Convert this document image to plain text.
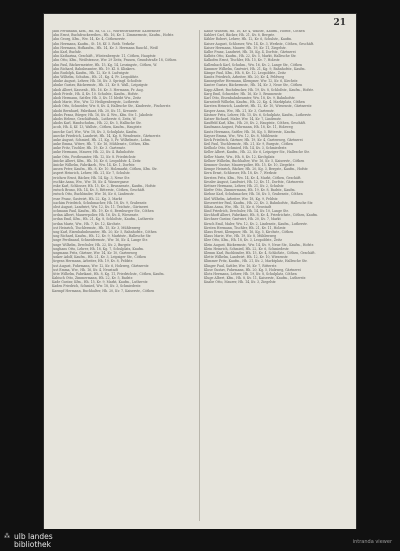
21

Jahn Ferdinand, Kfm., Hh. 8a, Gl. 11, Wurzelsträflerstr. Kaltwasser

Jahn Ernst, Buchdruckereibes., Hh. 16, Kv. 1. Zimmermstr., Kaufm., Hofstr.

Jahn Georg, Kfm., Ww. 14, Kv. 4, Cöthenerstr.

Jahn Hermann, Kaufm., St. 18, Kf. 5. Rotb. Verkehr

Jahn Hermann, Hofkaufm., Hh. 14, Kv. 3. Hermann Rauchl., Weiß

Jahn Karl, Buchdr.

Jahn Katharina, Geschäft., Wüstenbergstr. 11, Cöthen, Hauptstr.

Jahn Otto, Kfm., Weißstrasse, Ww. 29 Zeitz, Frauen, Grundstraße 18, Cöthen

Jahn Paul, Bäckermeister, Hh. 15, Kg. 14, Lessingstr., Cöthen, W.

Jahn Richard, Bahnbeamter, Hh. 19. Kl. 8. Klinkers.

Jahn Rudolph, Kaufm., Hh. 12, Kv. 8. Ludwigstr.

Jahn Wilhelm, Schuhm., Hh. 21, Kg. 4, Fr. Leopoldstr.

Jahnke August, Lehrer, Hh. 16, Kv. 3. Springf. Schoßstr.

Jahnke Gustav, Bäckermstr., Hh. 21, Kv. 8. Wall., Leipzigstr.

Jakob Albert, Kassenb., Hh. 16. Kv. 3. Hermann, Fr. Aug.

Jakob Friedr., Hh. 4, Kv. 10. Schulstr., Kaufm., Hofstr.

Jakob Hermann, Sattler, Hh. 3, Kv. 11 bleibt Ww., Zeitz

Jakob Marie, Ww., Ww. 12 Heiligenbergstr., Lutherstr.

Jakob Otto, Schneider, Ww. 8, Kv. 4, Hallesche Str., Kinderstr., Fischerstr.

Jakobi Bernhard, Fabrikant, Hh. 20, Kv. 11, Kreuzstr.

Jakobs Franz, Bürger, Hh. 16, Kv. 4. Ww., Kfm. Str. 1. Jakobstr.

Jakobs Helene, Geschäftsinh., Lutherstr. 6, Zeitz, W.

Jakobs Karl, Handschuhm., Hh. 22, Kv. 5, Hallische Str.

Jacob, Hh. 4, Kf. 13, Wallstr., Cöthen, Kaufm., Hauptstr.

Janecke Carl, Ww., Ww. 18, Kv. 3, Schulplatz, Kaufm.

Janecke Friedrich, Landwirt, Hh. 14, Kg. 8, Wendenstr., Gärtnerstr.

Janke August, Schmied, Hh. 21, Kg. 5, Fr. Wilhelmstr., Lohm.

Janke Emma, Witwe, Hh. 7, Kv. 16, Mühlenstr., Cöthen, Kfm.

Janke Fritz, Tischler, Hh. 19, Kv. 3. Gartenstr.

Janke Hermann, Maurer, Hh. 22, Kv. 4. Bahnhofstr.

Janke Otto, Postbeamter, Hh. 12, Kv. 8. Friedrichstr.

Jänicke Albert, Kfm., Hh. 16, Kv. 6, Leopoldstr. 4, Zeitz

Jänicke Wilhelm, Fabrikarb., Ww. 14, Kv. 1, Dorfstr.

Jansen Peter, Kaufm., Hh. 8, Kv. 10. Holzmarkt, Cöthen, Kfm. Str.

Jaspert Heinrich, Lehrer, Hh. 21, Kv. 7, Schulstr.

Jerichow Ernst, Bäcker, Hh. 14, Kg. 3, Neue Str.

Jeschke Anna, Ww., Ww. 18, Kv. 4. Wassergasse

Jeske Karl, Schlosser, Hh. 15, Kv. 2, Brunnenstr., Kaufm., Hofstr.

Jentsch Bruno, Hh. 14, Kv. 5, Ritterstr., Cöthen, Geschäft.

Jentsch Otto, Buchbinder, Ww. 16, Kv. 6, Lindenstr.

Jesse Franz, Gastwirt, Hh. 22, Kg. 3, Markt

Joachim Friedrich, Schuhmacher, Hh. 18, Kv. 9, Grabenstr.

Jobst August, Landwirt, Ww. 12, Kv. 11. Teichstr., Gärtnerei

Jochmann Paul, Kaufm., Hh. 19, Kv. 6, Bernburger Str., Cöthen

Jordan Albert, Maurerpolier, Hh. 16, Kv. 4, Wiesenstr.

Jordan Emil, Kfm., Hh. 21, Kg. 8, Schloßstr., Kaufm., Lutherstr.

Jordan Marie, Ww., Hh. 7, Kv. 12, Kirchstr.

Jost Heinrich, Tischlermstr., Hh. 15, Kv. 3, Mühlenweg

Jung Karl, Eisenbahnbeamter, Hh. 20, Kv. 5, Bahnhofstr., Cöthen

Jung Richard, Kaufm., Hh. 12, Kv. 9, Marktstr., Hallesche Str.

Junge Ferdinand, Schneidermstr., Ww. 16, Kv. 4, Lange Str.

Junge Wilhelm, Drechsler, Hh. 22, Kv. 2, Burgstr.

Junghans Otto, Lehrer, Hh. 18, Kg. 7, Schulplatz, Kaufm.

Jungmann Fritz, Gärtner, Ww. 14, Kv. 10, Gartenweg

Junker Adolf, Kaufm., Hh. 21, Kv. 3, Leipziger Str., Cöthen

Jürgens Hermann, Arbeiter, Hh. 19, Kv. 8, Feldstr.

Just August, Fuhrmann, Ww. 12, Kv. 6, Holzweg, Gärtnerstr.

Just Emma, Ww., Hh. 16, Kv. 4, Neustadt

Jütte Wilhelm, Fabrikant, Hh. 8, Kg. 11, Friedrichstr., Cöthen, Kaufm.

Kabisch Otto, Zimmermann, Hh. 22, Kv. 5, Badstr.

Kade Gustav, Kfm., Hh. 15, Kv. 9, Markt, Kaufm., Lutherstr.

Kaden Friedrich, Schmied, Ww. 18, Kv. 3, Schmiedestr.

Kaempf Hermann, Buchhalter, Hh. 20, Kv. 7, Kaiserstr., Cöthen

Kahle Wilhelm, Hh. 16, Kv. 4, Wallstr., Kaufm., Hofstr., Cöthen

Kahlert Carl, Bäcker, Hh. 21, Kv. 8, Bergstr.

Kähler Robert, Lehrer, Hh. 12, Kv. 6, Schulstr., Kaufm.

Kaiser August, Schlosser, Ww. 14, Kv. 3, Werkstr., Cöthen, Geschäft.

Kaiser Hermann, Maurer, Hh. 19, Kv. 11, Ziegelstr.

Kalbe Franz, Landwirt, Hh. 18, Kg. 4, Dorfstr., Gärtnerei

Kalbitz Otto, Kaufm., Hh. 22, Kv. 5, Markt, Hallesche Str.

Kalkofen Ernst, Tischler, Hh. 15, Kv. 7, Holzstr.

Kallenbach Karl, Schuhm., Ww. 16, Kv. 2, Lange Str., Cöthen

Kammer Wilhelm, Gastwirt, Hh. 21, Kg. 9, Bahnhofstr., Kaufm.

Kämpe Paul, Kfm., Hh. 8, Kv. 12, Leopoldstr., Zeitz

Kanitz Friedrich, Arbeiter, Hh. 20, Kv. 4, Feldweg

Kannegießer Hermann, Klempner, Ww. 12, Kv. 6, Kirchstr.

Kanter Gustav, Bäckermstr., Hh. 14, Kv. 3, Neue Str., Cöthen

Kapp Albert, Buchdrucker, Hh. 19, Kv. 8, Schloßstr., Kaufm., Hofstr.

Karg Emil, Schneider, Hh. 16, Kv. 5, Brunnenstr.

Karl Otto, Eisenbahnbeamter, Ww. 18, Kv. 9, Bahnhofstr.

Karnstedt Wilhelm, Kaufm., Hh. 22, Kg. 4, Marktplatz, Cöthen

Karsten Heinrich, Landwirt, Hh. 12, Kv. 10, Wiesenstr., Gärtnerstr.

Kasper Anna, Ww., Hh. 21, Kv. 3, Gartenstr.

Kästner Fritz, Lehrer, Hh. 15, Kv. 6, Schulplatz, Kaufm., Lutherstr.

Katzer Richard, Maler, Ww. 14, Kv. 7, Lindenstr.

Kauffeld Karl, Kfm., Hh. 20, Kv. 2, Hauptstr., Cöthen, Geschäft.

Kaufmann August, Fuhrmann, Hh. 18, Kv. 11, Holzweg

Kautz Hermann, Sattler, Hh. 16, Kg. 5, Ritterstr., Kaufm.

Kayser Emma, Ww., Ww. 12, Kv. 8, Mühlenstr.

Keck Friedrich, Gärtner, Hh. 19, Kv. 4, Gartenweg, Gärtnerei

Keil Paul, Tischlermstr., Hh. 21, Kv. 9, Burgstr., Cöthen

Keilholz Otto, Schmied, Hh. 14, Kv. 3, Schmiedestr.

Keller Albert, Kaufm., Hh. 22, Kv. 6, Leipziger Str., Hallesche Str.

Keller Marie, Ww., Hh. 8, Kv. 12, Kirchplatz

Kellner Wilhelm, Buchhalter, Ww. 16, Kv. 5, Kaiserstr., Cöthen

Kemmer Gustav, Maurerpolier, Hh. 15, Kv. 10, Ziegelstr.

Kempe Heinrich, Bäcker, Hh. 20, Kg. 3, Bergstr., Kaufm., Hofstr.

Kern Ernst, Schlosser, Hh. 18, Kv. 7, Werkstr.

Kersten Fritz, Kfm., Ww. 14, Kv. 4, Markt, Cöthen, Geschäft.

Kessler August, Landwirt, Hh. 12, Kv. 11, Dorfstr., Gärtnerstr.

Kettner Hermann, Lehrer, Hh. 21, Kv. 2, Schulstr.

Kiefer Otto, Zimmermann, Hh. 19, Kv. 8, Badstr., Kaufm.

Kiehne Karl, Schuhmacher, Hh. 16, Kv. 5, Grabenstr., Cöthen

Kiel Wilhelm, Arbeiter, Ww. 18, Kg. 9, Feldstr.

Kiesewetter Paul, Kaufm., Hh. 22, Kv. 3, Bahnhofstr., Hallesche Str.

Kilian Anna, Ww., Hh. 15, Kv. 6, Neustadt

Kind Friedrich, Drechsler, Hh. 14, Kv. 10, Lange Str.

Kirchhoff Albert, Fabrikant, Hh. 8, Kv. 4, Friedrichstr., Cöthen, Kaufm.

Kirchner Gustav, Gastwirt, Hh. 20, Kv. 7, Markt

Kirsch Emil, Maler, Ww. 12, Kv. 2, Lindenstr., Kaufm., Lutherstr.

Kirsten Hermann, Tischler, Hh. 21, Kv. 11, Holzstr.

Klaus Ernst, Klempner, Hh. 16, Kg. 5, Kirchstr., Cöthen

Klaus Marie, Ww., Hh. 19, Kv. 8, Mühlenweg

Klee Otto, Kfm., Hh. 18, Kv. 3, Leopoldstr., Zeitz

Klein August, Bäckermstr., Ww. 14, Kv. 9, Neue Str., Kaufm., Hofstr.

Klein Heinrich, Schmied, Hh. 22, Kv. 6, Schmiedestr.

Klemm Karl, Buchbinder, Hh. 15, Kv. 4, Schloßstr., Cöthen, Geschäft.

Klette Wilhelm, Landwirt, Hh. 12, Kv. 10, Wiesenstr.

Klimmer Fritz, Kaufm., Hh. 21, Kv. 2, Marktplatz, Hallesche Str.

Klinger Paul, Sattler, Ww. 16, Kv. 7, Ritterstr.

Klose Gustav, Fuhrmann, Hh. 20, Kg. 5, Holzweg, Gärtnerei

Klotz Hermann, Lehrer, Hh. 19, Kv. 8, Schulplatz, Cöthen

Kluge Albert, Kfm., Hh. 8, Kv. 11, Kaiserstr., Kaufm., Lutherstr.

Knabe Otto, Maurer, Hh. 14, Kv. 3, Ziegelstr.

⁂ ulb landes
bibliothek	intranda viewer
